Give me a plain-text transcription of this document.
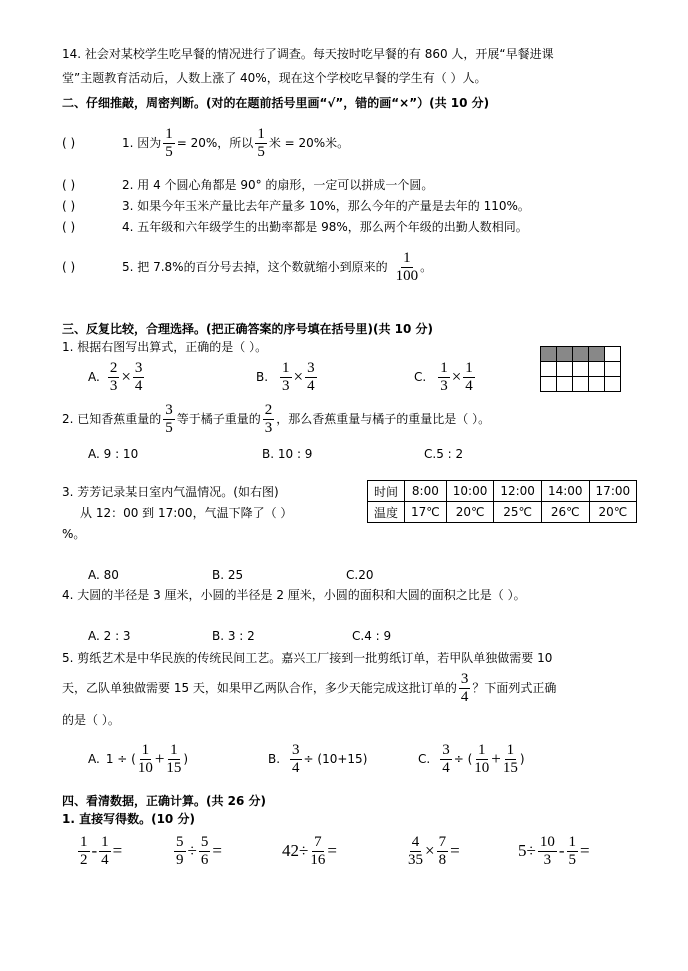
14. 社会对某校学生吃早餐的情况进行了调查。每天按时吃早餐的有 860 人，开展“早餐进课
堂”主题教育活动后，人数上涨了 40%，现在这个学校吃早餐的学生有（ ）人。
二、仔细推敲，周密判断。(对的在题前括号里画“√”，错的画“×”）(共 10 分)
( )	1. 因为 $\frac{1}{5} = 20\%$，所以
1
5
米 = 20%米。
( )	2. 用 4 个圆心角都是 90° 的扇形，一定可以拼成一个圆。
( )	3. 如果今年玉米产量比去年产量多 10%，那么今年的产量是去年的 110%。
( )	4. 五年级和六年级学生的出勤率都是 98%，那么两个年级的出勤人数相同。
( )	5. 把 7.8%的百分号去掉，这个数就缩小到原来的
1
100
。
三、反复比较，合理选择。(把正确答案的序号填在括号里)(共 10 分)
1. 根据右图写出算式，正确的是（ ）。
A. $\frac{2}{3} \times \frac{3}{4}$	B. $\frac{1}{3} \times \frac{3}{4}$	C. $\frac{1}{3} \times \frac{1}{4}$
2. 已知香蕉重量的
3
5
等于橘子重量的
2
3
，那么香蕉重量与橘子的重量比是（ ）。
A. 9 : 10	B. 10 : 9	C.5 : 2
3. 芳芳记录某日室内气温情况。(如右图)
从 12：00 到 17:00，气温下降了（ ）
%。
时间	8:00	10:00	12:00	14:00	17:00
温度	17℃	20℃	25℃	26℃	20℃
A. 80	B. 25	C.20
4. 大圆的半径是 3 厘米，小圆的半径是 2 厘米，小圆的面积和大圆的面积之比是（ ）。
A. 2 : 3	B. 3 : 2	C.4 : 9
5. 剪纸艺术是中华民族的传统民间工艺。嘉兴工厂接到一批剪纸订单，若甲队单独做需要 10
天，乙队单独做需要 15 天，如果甲乙两队合作，多少天能完成这批订单的
3
4
？下面列式正确
的是（ ）。
A. 1 ÷ (
1
$10 + \frac{1}{15}$ )	B. $\frac{3}{4} \div (10+15)$	C. $\frac{3}{4}$ ÷ (
1
$10 + \frac{1}{15}$ )
四、看清数据，正确计算。(共 26 分)
1. 直接写得数。(10 分)
1
$2 - \frac{1}{4}$ =	$\frac{5}{9} \div \frac{5}{6}$ =	$42\div \frac{7}{16}$ =	$\frac{4}{35} \times \frac{7}{8}$ =	$5\div \frac{10}{3} - \frac{1}{5}$ =
